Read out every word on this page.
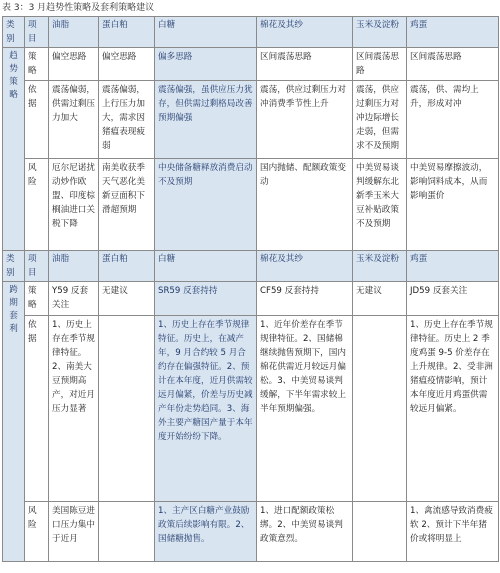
表 3：3 月趋势性策略及套利策略建议
类别	项目	油脂	蛋白粕	白糖	棉花及其纱	玉米及淀粉	鸡蛋

趋势策略	策略	偏空思路	偏空思路	偏多思路	区间震荡思路	区间震荡思路	区间震荡思路
	依据	震荡偏弱，供需过剩压力加大	震荡偏弱，上行压力加大，需求因猪瘟表现疲弱	震荡偏强，虽供应压力犹存，但供需过剩格局改善预期偏强	震荡，供应过剩压力对冲消费季节性上升	震荡，供应过剩压力对冲边际增长走弱，但需求不及预期	震荡，供、需均上升，形成对冲
	风险	厄尔尼诺扰动炒作欧盟、印度棕榈油进口关税下降	南美收获季天气恶化美新豆面积下滑超预期	中央储备糖释放消费启动不及预期	国内抛储、配额政策变动	中美贸易谈判缓解东北新季玉米大豆补贴政策不及预期	中美贸易摩擦波动，影响饲料成本，从而影响蛋价
类别	项目	油脂	蛋白粕	白糖	棉花及其纱	玉米及淀粉	鸡蛋

跨期套利	策略	Y59 反套关注	无建议	SR59 反套持持	CF59 反套持持	无建议	JD59 反套关注
	依据	1、历史上存在季节规律特征。2、南美大豆预期高产，对近月压力显著		1、历史上存在季节规律特征。历史上，在减产年，9 月合约较 5 月合约存在偏强特征。2、预计在本年度，近月供需较远月偏紧，价差与历史减产年份走势趋同。3、海外主要产糖国产量于本年度开始纷纷下降。	1、近年价差存在季节规律特征。2、国储棉继续抛售预期下，国内棉花供需近月较远月偏松。3、中美贸易谈判缓解，下半年需求较上半年预期偏强。		1、历史上存在季节规律特征。历史上 2 季度鸡蛋 9-5 价差存在上升规律。2、受非洲猪瘟疫情影响，预计本年度近月鸡蛋供需较远月偏紧。
	风险	美国陈豆进口压力集中于近月		1、主产区白糖产业鼓励政策后续影响有限。2、国储糖抛售。	1、进口配额政策松绑。2、中美贸易谈判政策意烈。		1、禽流感导致消费疲软 2、预计下半年猪价或将明显上
